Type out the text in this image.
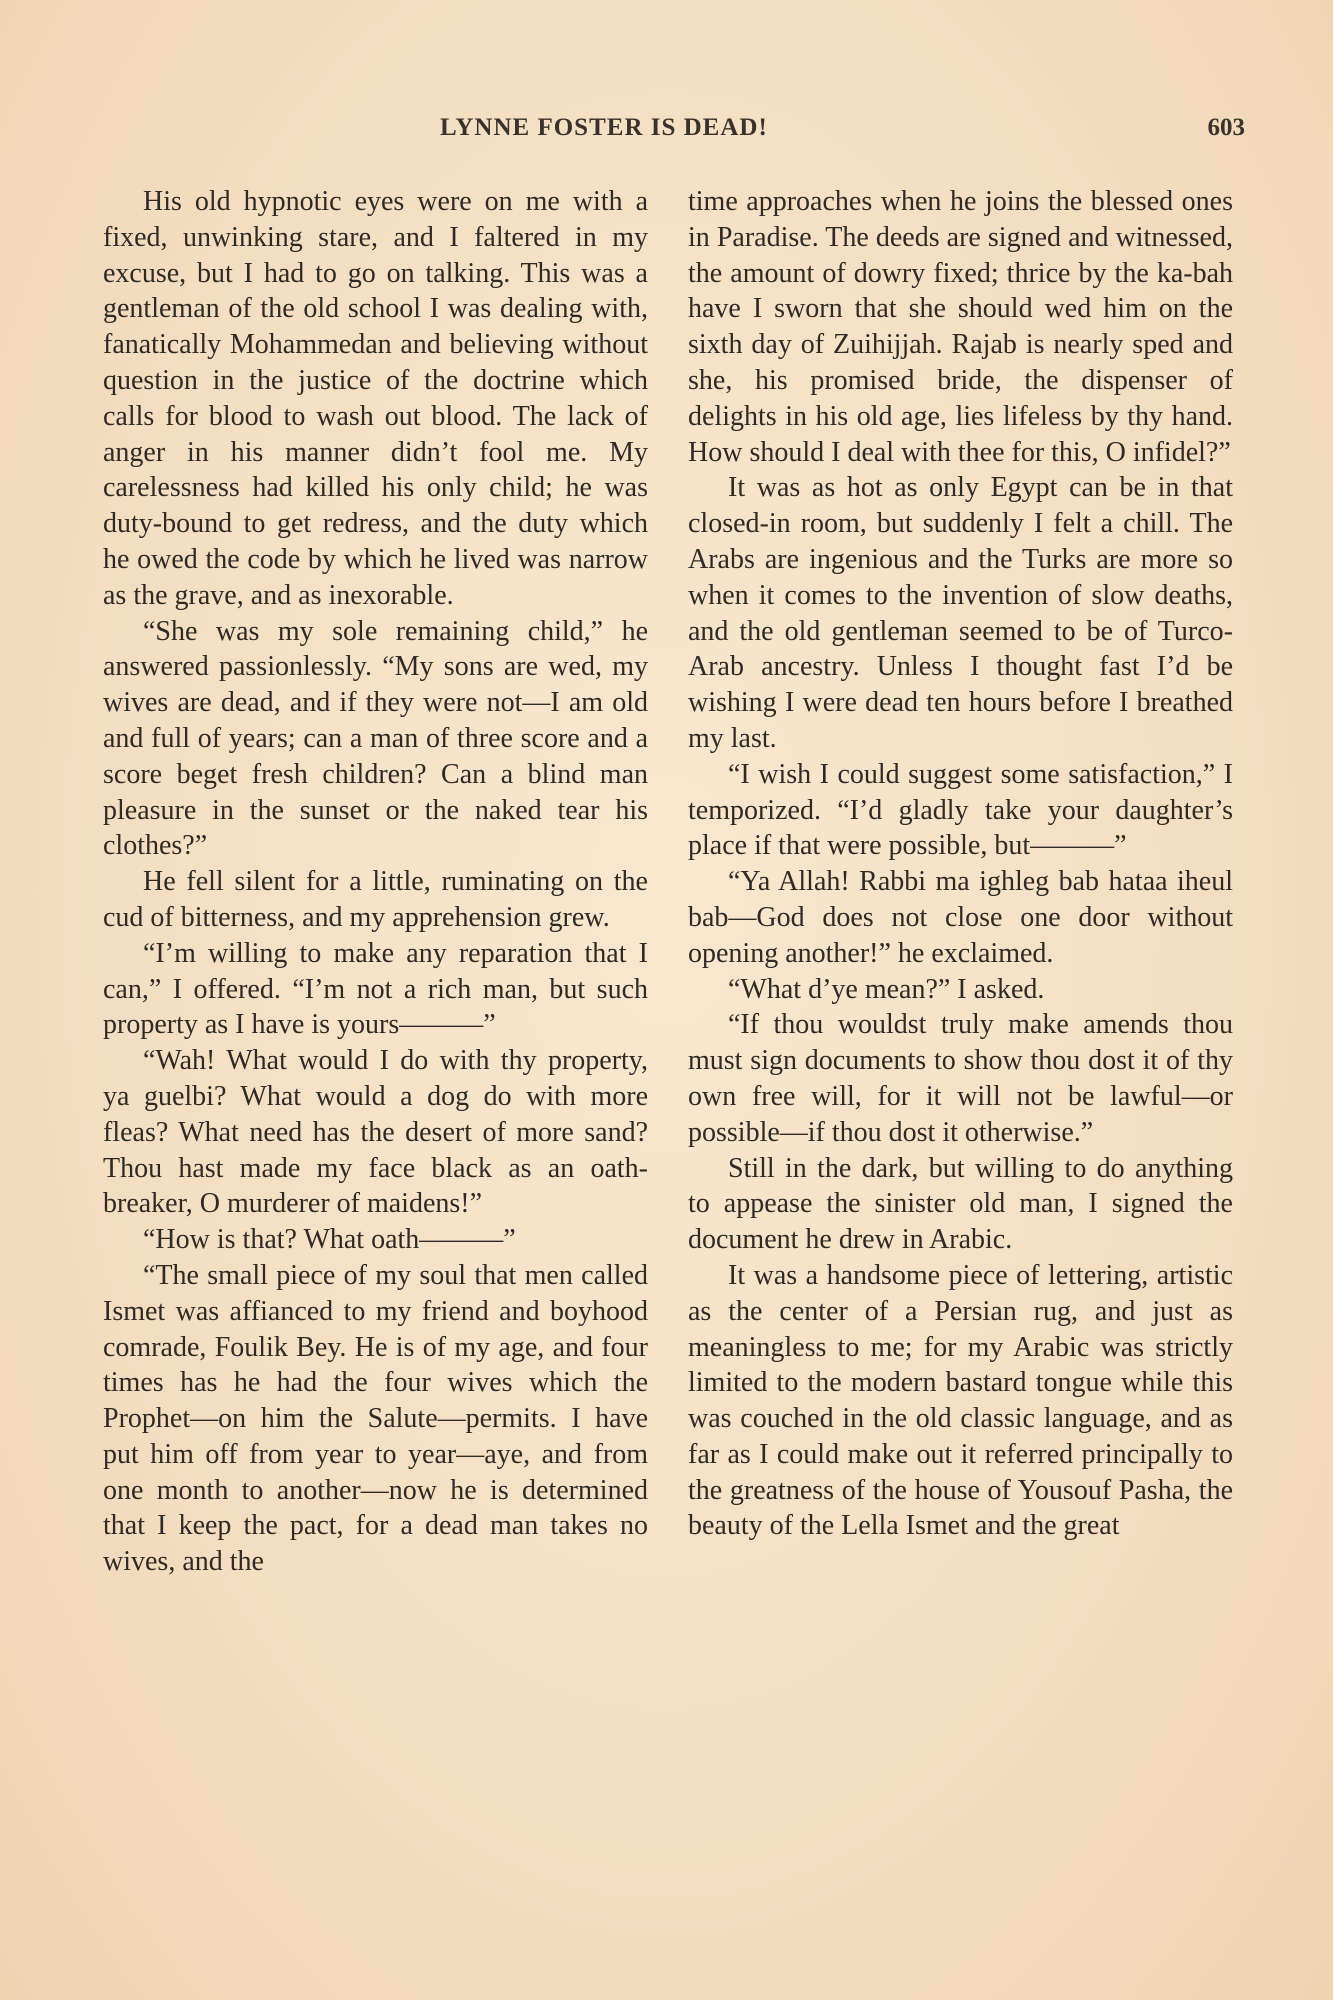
LYNNE FOSTER IS DEAD!	603

His old hypnotic eyes were on me with a fixed, unwinking stare, and I faltered in my excuse, but I had to go on talking. This was a gentleman of the old school I was dealing with, fanatically Mohammedan and believing without question in the justice of the doctrine which calls for blood to wash out blood. The lack of anger in his manner didn’t fool me. My carelessness had killed his only child; he was duty-bound to get redress, and the duty which he owed the code by which he lived was narrow as the grave, and as inexorable.

“She was my sole remaining child,” he answered passionlessly. “My sons are wed, my wives are dead, and if they were not—I am old and full of years; can a man of three score and a score beget fresh children? Can a blind man pleasure in the sunset or the naked tear his clothes?”

He fell silent for a little, ruminating on the cud of bitterness, and my apprehension grew.

“I’m willing to make any reparation that I can,” I offered. “I’m not a rich man, but such property as I have is yours———”

“Wah! What would I do with thy property, ya guelbi? What would a dog do with more fleas? What need has the desert of more sand? Thou hast made my face black as an oath-breaker, O murderer of maidens!”

“How is that? What oath———”

“The small piece of my soul that men called Ismet was affianced to my friend and boyhood comrade, Foulik Bey. He is of my age, and four times has he had the four wives which the Prophet—on him the Salute—permits. I have put him off from year to year—aye, and from one month to another—now he is determined that I keep the pact, for a dead man takes no wives, and the

time approaches when he joins the blessed ones in Paradise. The deeds are signed and witnessed, the amount of dowry fixed; thrice by the ka-bah have I sworn that she should wed him on the sixth day of Zuihijjah. Rajab is nearly sped and she, his promised bride, the dispenser of delights in his old age, lies lifeless by thy hand. How should I deal with thee for this, O infidel?”

It was as hot as only Egypt can be in that closed-in room, but suddenly I felt a chill. The Arabs are ingenious and the Turks are more so when it comes to the invention of slow deaths, and the old gentleman seemed to be of Turco-Arab ancestry. Unless I thought fast I’d be wishing I were dead ten hours before I breathed my last.

“I wish I could suggest some satisfaction,” I temporized. “I’d gladly take your daughter’s place if that were possible, but———”

“Ya Allah! Rabbi ma ighleg bab hataa iheul bab—God does not close one door without opening another!” he exclaimed.

“What d’ye mean?” I asked.

“If thou wouldst truly make amends thou must sign documents to show thou dost it of thy own free will, for it will not be lawful—or possible—if thou dost it otherwise.”

Still in the dark, but willing to do anything to appease the sinister old man, I signed the document he drew in Arabic.

It was a handsome piece of lettering, artistic as the center of a Persian rug, and just as meaningless to me; for my Arabic was strictly limited to the modern bastard tongue while this was couched in the old classic language, and as far as I could make out it referred principally to the greatness of the house of Yousouf Pasha, the beauty of the Lella Ismet and the great
